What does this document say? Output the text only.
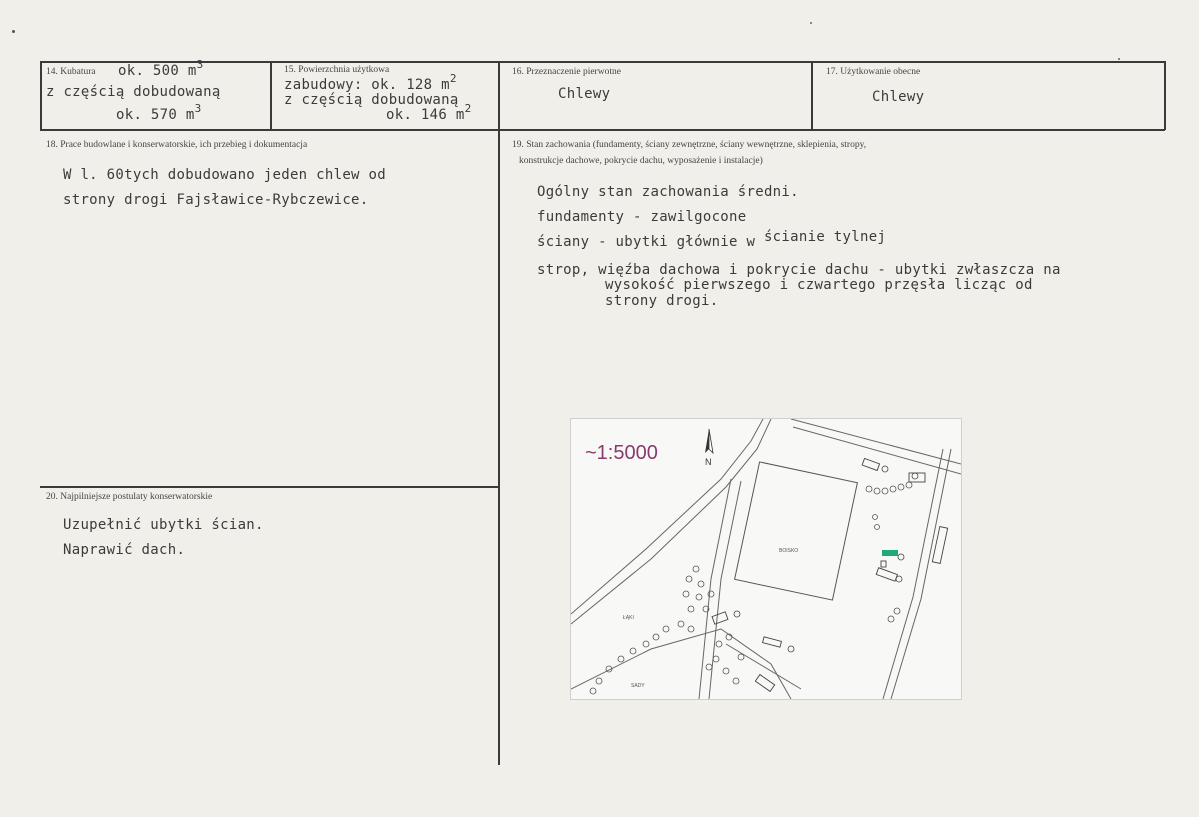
14. Kubatura ok. 500 $m^3$
z częścią dobudowaną
ok. 570 $m^3$
15. Powierzchnia użytkowa
zabudowy: ok. 128 $m^2$
z częścią dobudowaną
ok. 146 $m^2$
16. Przeznaczenie pierwotne
Chlewy
17. Użytkowanie obecne
Chlewy
18. Prace budowlane i konserwatorskie, ich przebieg i dokumentacja
W l. 60tych dobudowano jeden chlew od
strony drogi Fajsławice-Rybczewice.
19. Stan zachowania (fundamenty, ściany zewnętrzne, ściany wewnętrzne, sklepienia, stropy,
konstrukcje dachowe, pokrycie dachu, wyposażenie i instalacje)
Ogólny stan zachowania średni.
fundamenty - zawilgocone
ściany - ubytki głównie w ścianie tylnej
strop, więźba dachowa i pokrycie dachu - ubytki zwłaszcza na
wysokość pierwszego i czwartego przęsła licząc od
strony drogi.
20. Najpilniejsze postulaty konserwatorskie
Uzupełnić ubytki ścian.
Naprawić dach.
~1:5000	N
BOISKO
ŁĄKI
SADY
